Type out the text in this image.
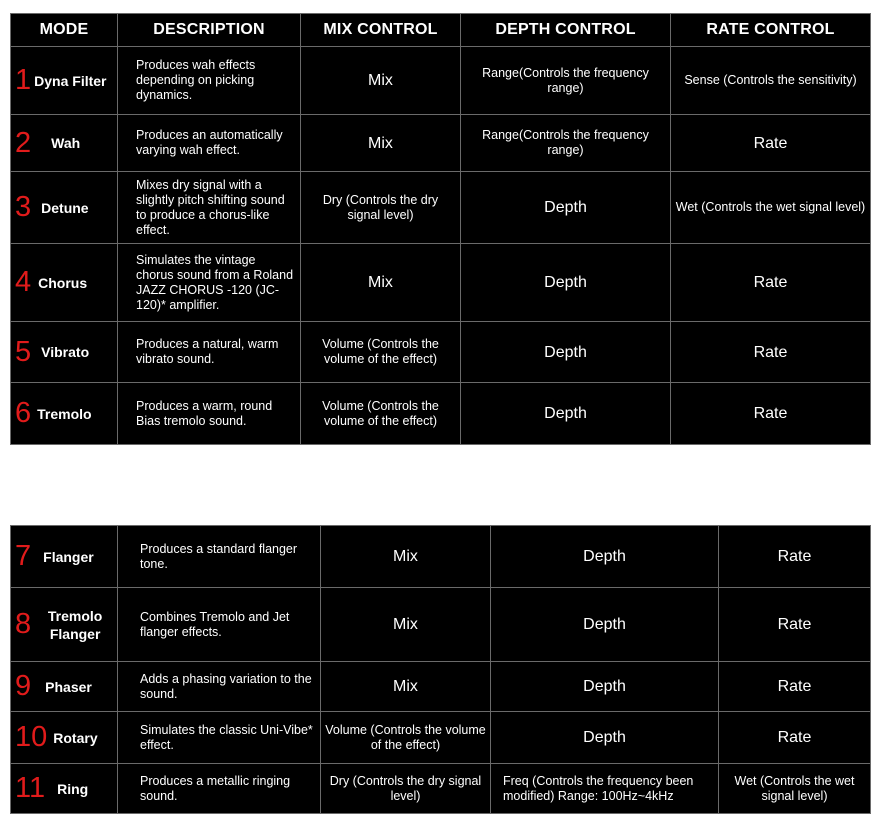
MODE	DESCRIPTION	MIX CONTROL	DEPTH CONTROL	RATE CONTROL
1 Dyna Filter	Produces wah effects depending on picking dynamics.	Mix	Range(Controls the frequency range)	Sense (Controls the sensitivity)
2 Wah	Produces an automatically varying wah effect.	Mix	Range(Controls the frequency range)	Rate
3 Detune	Mixes dry signal with a slightly pitch shifting sound to produce a chorus-like effect.	Dry (Controls the dry signal level)	Depth	Wet (Controls the wet signal level)
4 Chorus	Simulates the vintage chorus sound from a Roland JAZZ CHORUS -120 (JC-120)* amplifier.	Mix	Depth	Rate
5 Vibrato	Produces a natural, warm vibrato sound.	Volume (Controls the volume of the effect)	Depth	Rate
6 Tremolo	Produces a warm, round Bias tremolo sound.	Volume (Controls the volume of the effect)	Depth	Rate
7 Flanger	Produces a standard flanger tone.	Mix	Depth	Rate
8 Tremolo Flanger	Combines Tremolo and Jet flanger effects.	Mix	Depth	Rate
9 Phaser	Adds a phasing variation to the sound.	Mix	Depth	Rate
10 Rotary	Simulates the classic Uni-Vibe* effect.	Volume (Controls the volume of the effect)	Depth	Rate
11 Ring	Produces a metallic ringing sound.	Dry (Controls the dry signal level)	Freq (Controls the frequency been modified) Range: 100Hz~4kHz	Wet (Controls the wet signal level)
